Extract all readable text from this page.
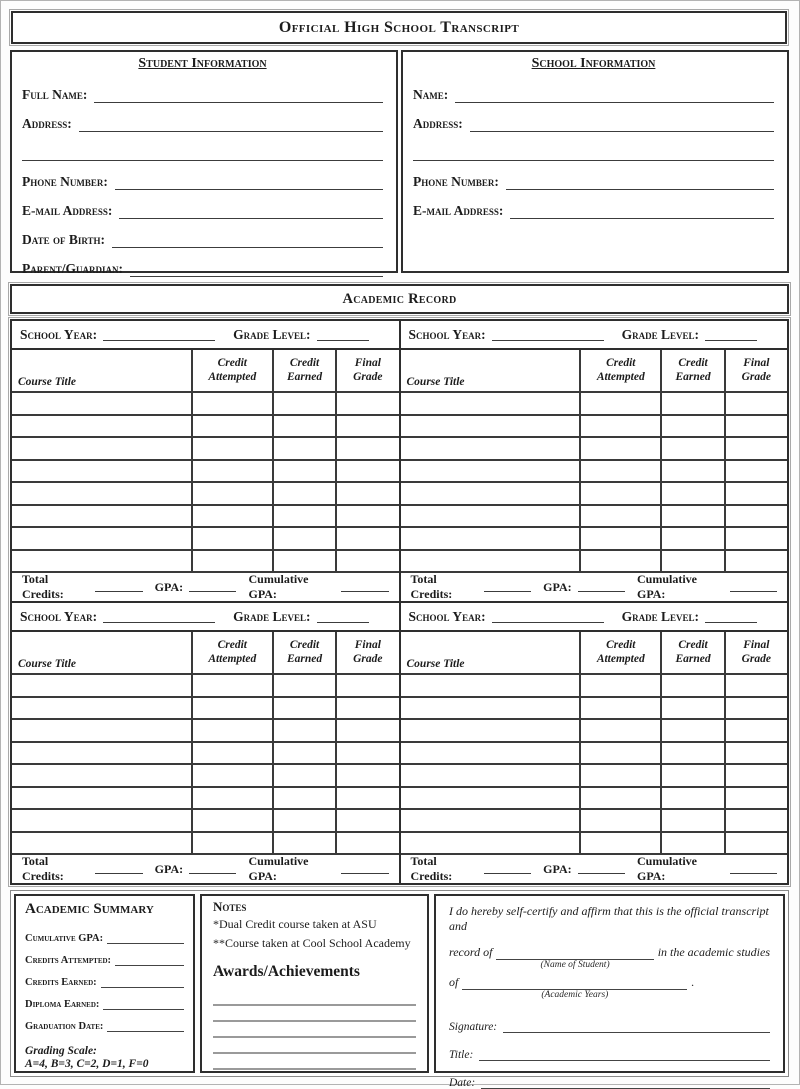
Official High School Transcript
Student Information
Full Name:
Address:
Phone Number:
E-mail Address:
Date of Birth:
Parent/Guardian:
School Information
Name:
Address:
Phone Number:
E-mail Address:
Academic Record
School Year:	Grade Level:
Course Title	Credit Attempted	Credit Earned	Final Grade

Total Credits:
GPA:
Cumulative GPA:
School Year:	Grade Level:
Course Title	Credit Attempted	Credit Earned	Final Grade

Total Credits:
GPA:
Cumulative GPA:
School Year:	Grade Level:
Course Title	Credit Attempted	Credit Earned	Final Grade

Total Credits:
GPA:
Cumulative GPA:
School Year:	Grade Level:
Course Title	Credit Attempted	Credit Earned	Final Grade

Total Credits:
GPA:
Cumulative GPA:
Academic Summary
Cumulative GPA:
Credits Attempted:
Credits Earned:
Diploma Earned:
Graduation Date:
Grading Scale:
A=4, B=3, C=2, D=1, F=0
Notes
*Dual Credit course taken at ASU
**Course taken at Cool School Academy
Awards/Achievements
I do hereby self-certify and affirm that this is the official transcript and
record of
(Name of Student)
in the academic studies
of
(Academic Years)
.
Signature:
Title:
Date:
